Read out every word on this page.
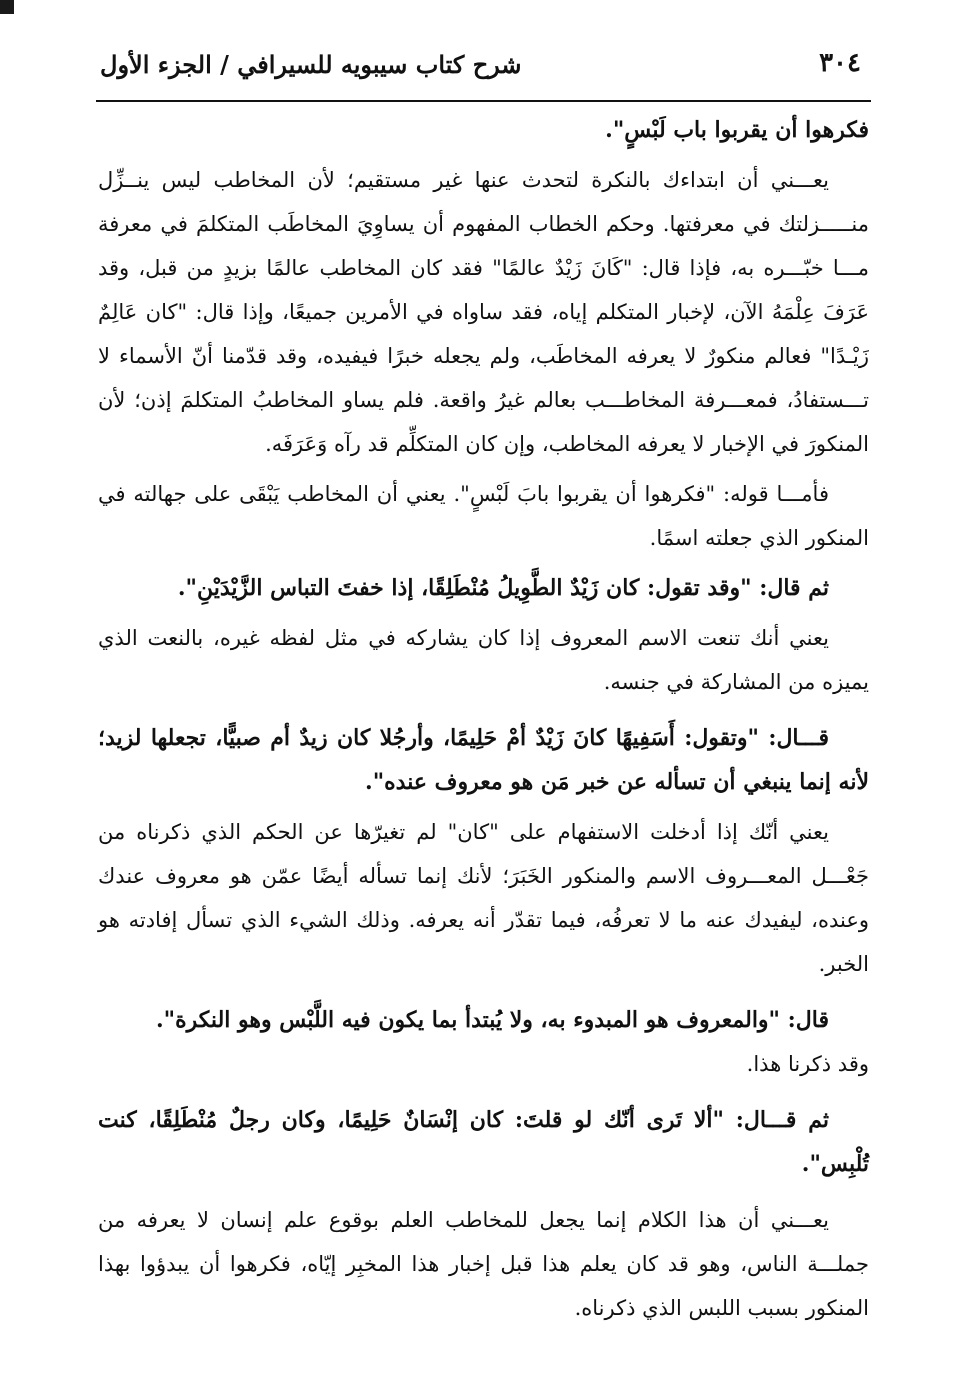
٣٠٤
شرح كتاب سيبويه للسيرافي / الجزء الأول

فكرهوا أن يقربوا باب لَبْسٍ".

يعـــني أن ابتداءك بالنكرة لتحدث عنها غير مستقيم؛ لأن المخاطب ليس ينــزِّل منـــــزلتك في معرفتها. وحكم الخطاب المفهوم أن يساوِيَ المخاطَب المتكلمَ في معرفة مـــا خبّـــره به، فإذا قال: "كَانَ زَيْدٌ عالمًا" فقد كان المخاطب عالمًا بزيدٍ من قبل، وقد عَرَفَ عِلْمَهُ الآن، لإخبار المتكلم إياه، فقد ساواه في الأمرين جميعًا، وإذا قال: "كان عَالِمٌ زَيْـدًا" فعالم منكورٌ لا يعرفه المخاطَب، ولم يجعله خبرًا فيفيده، وقد قدّمنا أنّ الأسماء لا تـــستفادُ، فمعـــرفة المخاطـــب بعالم غيرُ واقعة. فلم يساو المخاطبُ المتكلمَ إذن؛ لأن المنكورَ في الإخبار لا يعرفه المخاطب، وإن كان المتكلِّم قد رآه وَعَرَفَه.

فأمـــا قوله: "فكرهوا أن يقربوا بابَ لَبْسٍ". يعني أن المخاطب يَبْقَى على جهالته في المنكور الذي جعلته اسمًا.

ثم قال: "وقد تقول: كان زَيْدٌ الطَّوِيلُ مُنْطَلِقًا، إذا خفتَ التباس الزَّيْدَيْنِ".

يعني أنك تنعت الاسم المعروف إذا كان يشاركه في مثل لفظه غيره، بالنعت الذي يميزه من المشاركة في جنسه.

قـــال: "وتقول: أَسَفِيهًا كانَ زَيْدٌ أمْ حَلِيمًا، وأرجُلا كان زيدٌ أم صبيًّا، تجعلها لزيد؛ لأنه إنما ينبغي أن تسأله عن خبر مَن هو معروف عنده".

يعني أنّك إذا أدخلت الاستفهام على "كان" لم تغيرّها عن الحكم الذي ذكرناه من جَعْـــل المعـــروف الاسم والمنكور الخَبَرَ؛ لأنك إنما تسأله أيضًا عمّن هو معروف عندك وعنده، ليفيدك عنه ما لا تعرفُه، فيما تقدّر أنه يعرفه. وذلك الشيء الذي تسأل إفادته هو الخبر.

قال: "والمعروف هو المبدوء به، ولا يُبتدأ بما يكون فيه اللَّبْس وهو النكرة".

وقد ذكرنا هذا.

ثم قـــال: "ألا تَرى أنّك لو قلتَ: كان إنْسَانٌ حَلِيمًا، وكان رجلٌ مُنْطَلِقًا، كنت تُلْبِس".

يعـــني أن هذا الكلام إنما يجعل للمخاطب العلم بوقوع علم إنسان لا يعرفه من جملـــة الناس، وهو قد كان يعلم هذا قبل إخبار هذا المخبِر إيّاه، فكرهوا أن يبدؤوا بهذا المنكور بسبب اللبس الذي ذكرناه.
